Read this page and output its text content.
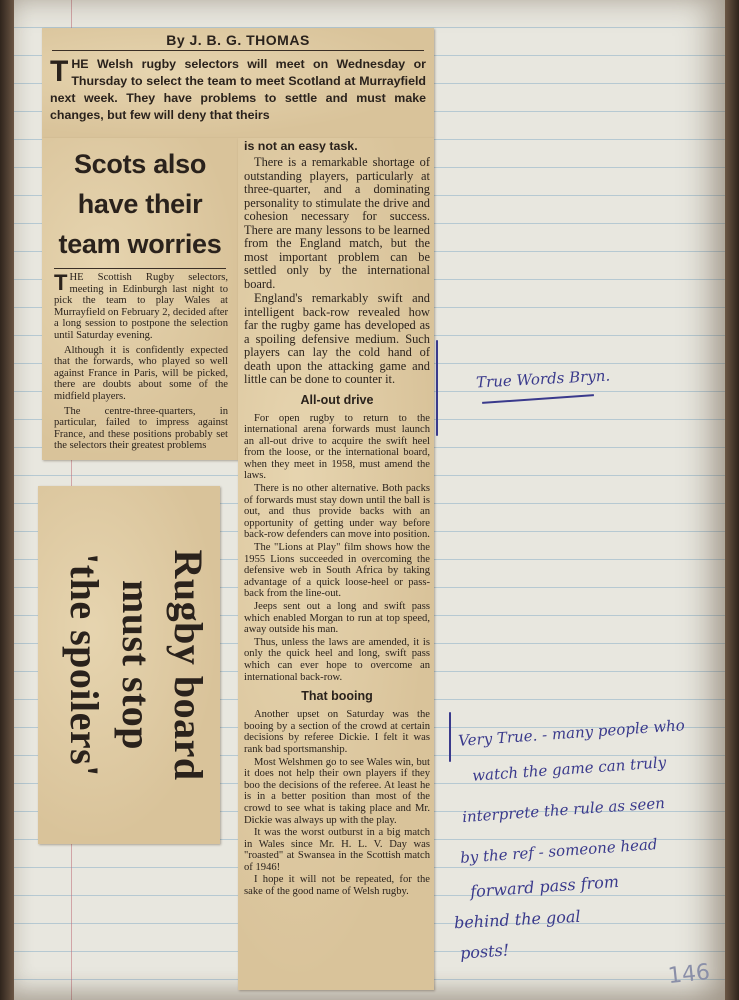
By J. B. G. THOMAS
THE Welsh rugby selectors will meet on Wednesday or Thursday to select the team to meet Scotland at Murrayfield next week. They have problems to settle and must make changes, but few will deny that theirs
Scots also
have their
team worries

THE Scottish Rugby selectors, meeting in Edinburgh last night to pick the team to play Wales at Murrayfield on February 2, decided after a long session to postpone the selection until Saturday evening.

Although it is confidently expected that the forwards, who played so well against France in Paris, will be picked, there are doubts about some of the midfield players.

The centre-three-quarters, in particular, failed to impress against France, and these positions probably set the selectors their greatest problems

is not an easy task.

There is a remarkable shortage of outstanding players, particularly at three-quarter, and a dominating personality to stimulate the drive and cohesion necessary for success. There are many lessons to be learned from the England match, but the most important problem can be settled only by the international board.

England's remarkably swift and intelligent back-row revealed how far the rugby game has developed as a spoiling defensive medium. Such players can lay the cold hand of death upon the attacking game and little can be done to counter it.

All-out drive

For open rugby to return to the international arena forwards must launch an all-out drive to acquire the swift heel from the loose, or the international board, when they meet in 1958, must amend the laws.

There is no other alternative. Both packs of forwards must stay down until the ball is out, and thus provide backs with an opportunity of getting under way before back-row defenders can move into position.

The "Lions at Play" film shows how the 1955 Lions succeeded in overcoming the defensive web in South Africa by taking advantage of a quick loose-heel or pass-back from the line-out.

Jeeps sent out a long and swift pass which enabled Morgan to run at top speed, away outside his man.

Thus, unless the laws are amended, it is only the quick heel and long, swift pass which can ever hope to overcome an international back-row.

That booing

Another upset on Saturday was the booing by a section of the crowd at certain decisions by referee Dickie. I felt it was rank bad sportsmanship.

Most Welshmen go to see Wales win, but it does not help their own players if they boo the decisions of the referee. At least he is in a better position than most of the crowd to see what is taking place and Mr. Dickie was always up with the play.

It was the worst outburst in a big match in Wales since Mr. H. L. V. Day was "roasted" at Swansea in the Scottish match of 1946!

I hope it will not be repeated, for the sake of the good name of Welsh rugby.

Rugby board
must stop
'the spoilers'
True Words Bryn.
Very True. - many people who
watch the game can truly
interprete the rule as seen
by the ref - someone head
forward pass from
behind the goal
posts!
146
